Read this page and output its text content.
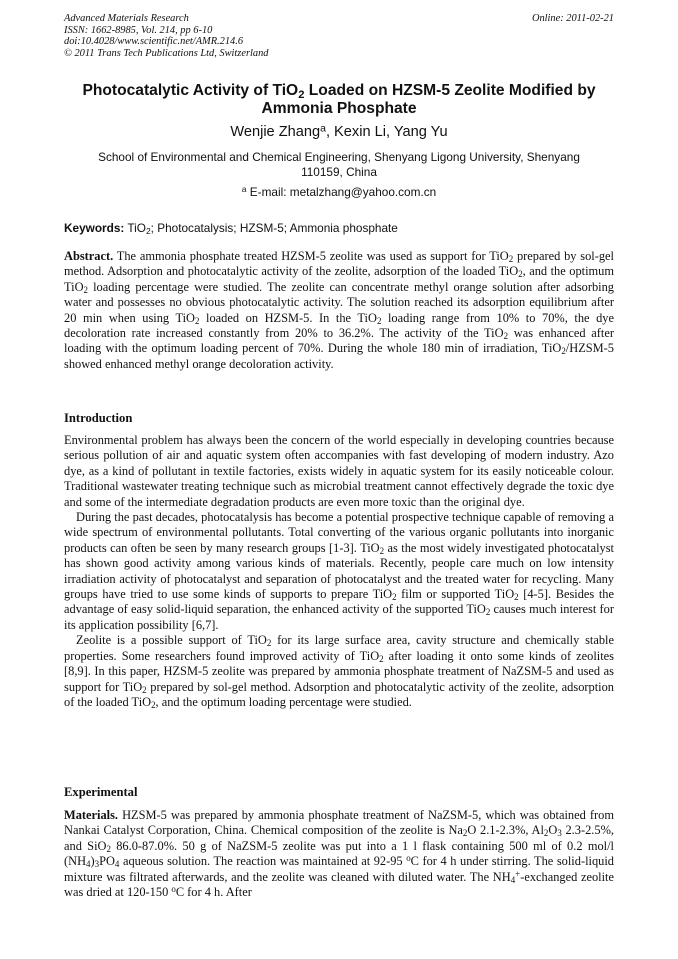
Advanced Materials Research
ISSN: 1662-8985, Vol. 214, pp 6-10
doi:10.4028/www.scientific.net/AMR.214.6
© 2011 Trans Tech Publications Ltd, Switzerland
Online: 2011-02-21
Photocatalytic Activity of TiO$_2$ Loaded on HZSM-5 Zeolite Modified by Ammonia Phosphate
Wenjie Zhang$^a$, Kexin Li, Yang Yu
School of Environmental and Chemical Engineering, Shenyang Ligong University, Shenyang 110159, China
$^a$ E-mail: metalzhang@yahoo.com.cn
Keywords: TiO$_2$; Photocatalysis; HZSM-5; Ammonia phosphate

Abstract. The ammonia phosphate treated HZSM-5 zeolite was used as support for TiO$_2$ prepared by sol-gel method. Adsorption and photocatalytic activity of the zeolite, adsorption of the loaded TiO$_2$, and the optimum TiO$_2$ loading percentage were studied. The zeolite can concentrate methyl orange solution after adsorbing water and possesses no obvious photocatalytic activity. The solution reached its adsorption equilibrium after 20 min when using TiO$_2$ loaded on HZSM-5. In the TiO$_2$ loading range from 10% to 70%, the dye decoloration rate increased constantly from 20% to 36.2%. The activity of the TiO$_2$ was enhanced after loading with the optimum loading percent of 70%. During the whole 180 min of irradiation, TiO$_2$/HZSM-5 showed enhanced methyl orange decoloration activity.

Introduction

Environmental problem has always been the concern of the world especially in developing countries because serious pollution of air and aquatic system often accompanies with fast developing of modern industry. Azo dye, as a kind of pollutant in textile factories, exists widely in aquatic system for its easily noticeable colour. Traditional wastewater treating technique such as microbial treatment cannot effectively degrade the toxic dye and some of the intermediate degradation products are even more toxic than the original dye.

During the past decades, photocatalysis has become a potential prospective technique capable of removing a wide spectrum of environmental pollutants. Total converting of the various organic pollutants into inorganic products can often be seen by many research groups [1-3]. TiO$_2$ as the most widely investigated photocatalyst has shown good activity among various kinds of materials. Recently, people care much on low intensity irradiation activity of photocatalyst and separation of photocatalyst and the treated water for recycling. Many groups have tried to use some kinds of supports to prepare TiO$_2$ film or supported TiO$_2$ [4-5]. Besides the advantage of easy solid-liquid separation, the enhanced activity of the supported TiO$_2$ causes much interest for its application possibility [6,7].

Zeolite is a possible support of TiO$_2$ for its large surface area, cavity structure and chemically stable properties. Some researchers found improved activity of TiO$_2$ after loading it onto some kinds of zeolites [8,9]. In this paper, HZSM-5 zeolite was prepared by ammonia phosphate treatment of NaZSM-5 and used as support for TiO$_2$ prepared by sol-gel method. Adsorption and photocatalytic activity of the zeolite, adsorption of the loaded TiO$_2$, and the optimum loading percentage were studied.

Experimental

Materials. HZSM-5 was prepared by ammonia phosphate treatment of NaZSM-5, which was obtained from Nankai Catalyst Corporation, China. Chemical composition of the zeolite is $Na_2O$ 2.1-2.3%, $Al_2O_3$ 2.3-2.5%, and SiO$_2$ 86.0-87.0%. 50 g of NaZSM-5 zeolite was put into a 1 l flask containing 500 ml of 0.2 mol/l $(NH_4)_3PO_4$ aqueous solution. The reaction was maintained at 92-95 $^o$C for 4 h under stirring. The solid-liquid mixture was filtrated afterwards, and the zeolite was cleaned with diluted water. The $NH_4^+$-exchanged zeolite was dried at 120-150 $^o$C for 4 h. After
